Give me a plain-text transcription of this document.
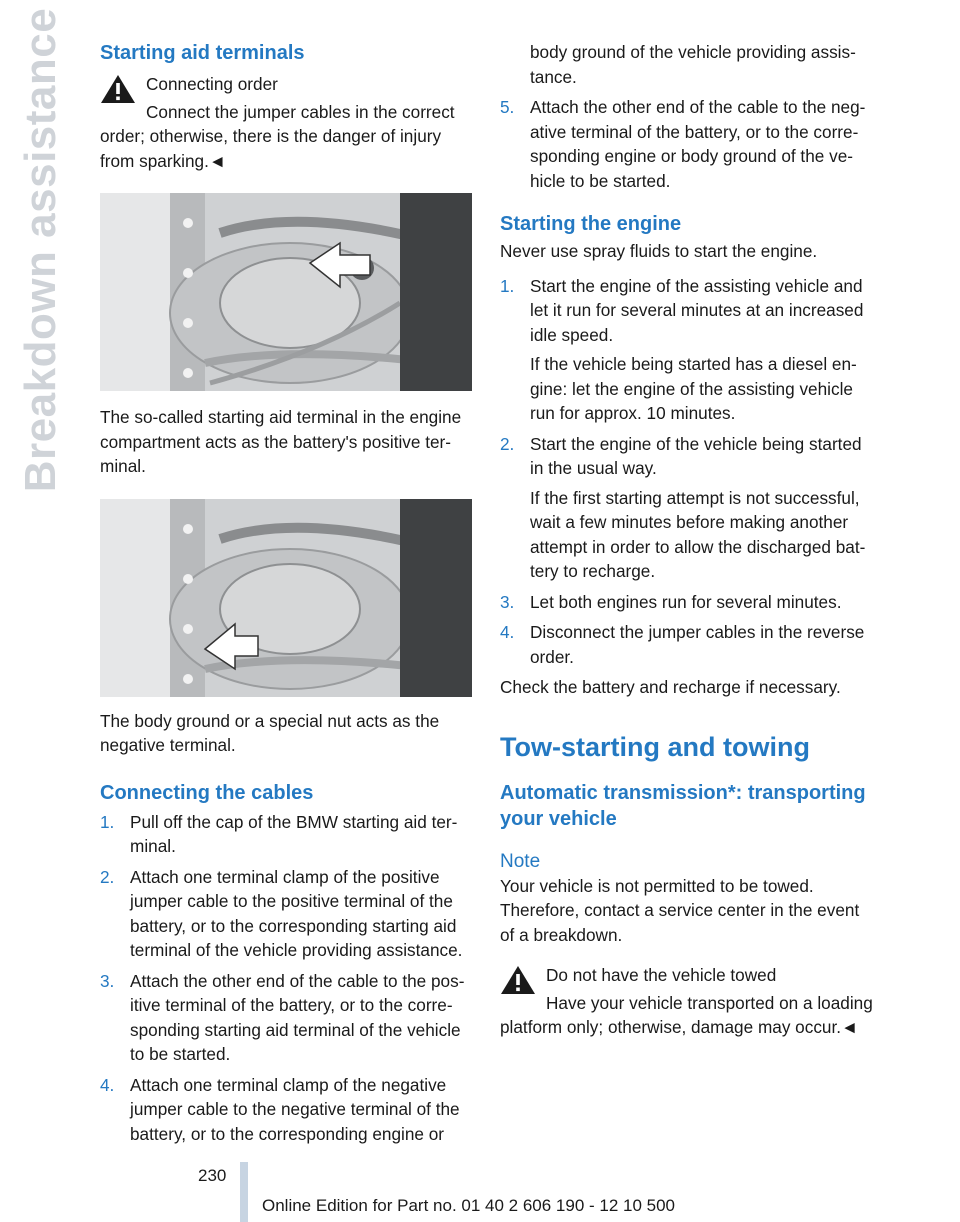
Breakdown assistance Starting aid terminals
Connecting order
Connect the jumper cables in the correct
order; otherwise, there is the danger of injury from sparking.◄
The so-called starting aid terminal in the engine compartment acts as the battery's positive terminal.
The body ground or a special nut acts as the negative terminal.
Connecting the cables
1. Pull off the cap of the BMW starting aid terminal.

2. Attach one terminal clamp of the positive jumper cable to the positive terminal of the battery, or to the corresponding starting aid terminal of the vehicle providing assistance.

3. Attach the other end of the cable to the positive terminal of the battery, or to the corresponding starting aid terminal of the vehicle to be started.

4. Attach one terminal clamp of the negative jumper cable to the negative terminal of the battery, or to the corresponding engine or

body ground of the vehicle providing assistance.

5. Attach the other end of the cable to the negative terminal of the battery, or to the corresponding engine or body ground of the vehicle to be started.

Starting the engine
Never use spray fluids to start the engine.
1. Start the engine of the assisting vehicle and let it run for several minutes at an increased idle speed.

If the vehicle being started has a diesel engine: let the engine of the assisting vehicle run for approx. 10 minutes.

2. Start the engine of the vehicle being started in the usual way.

If the first starting attempt is not successful, wait a few minutes before making another attempt in order to allow the discharged battery to recharge.

3. Let both engines run for several minutes.

4. Disconnect the jumper cables in the reverse order.

Check the battery and recharge if necessary.
Tow-starting and towing
Automatic transmission*: transporting your vehicle
Note
Your vehicle is not permitted to be towed. Therefore, contact a service center in the event of a breakdown.
Do not have the vehicle towed
Have your vehicle transported on a loading
platform only; otherwise, damage may occur.◄
230
Online Edition for Part no. 01 40 2 606 190 - 12 10 500
